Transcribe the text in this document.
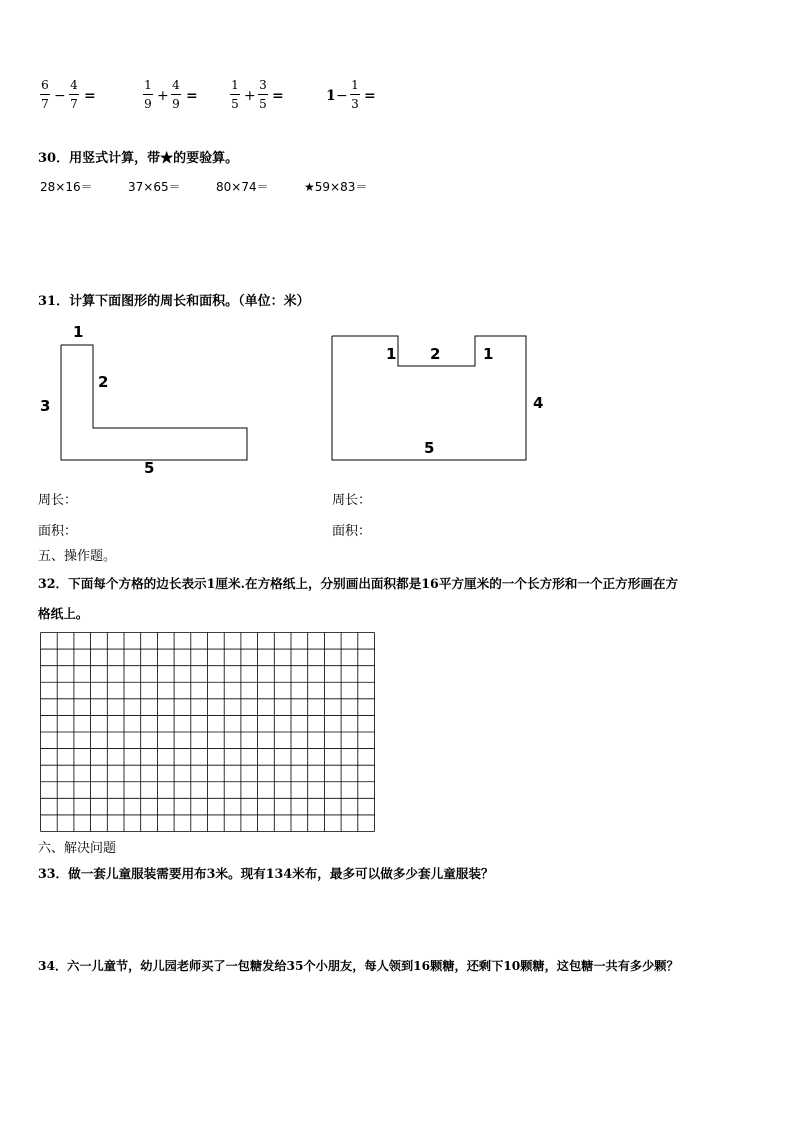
6
7 −
4
7 =
1
9 +
4
9 =
1
5 +
3
5 =	1 −
1
3 =
30．用竖式计算，带★的要验算。
28×16＝	37×65＝	80×74＝	★59×83＝
31．计算下面图形的周长和面积。（单位：米）
1
2
3
5
1 2	1
4
5
周长：	周长：
面积：	面积：
五、操作题。
32．下面每个方格的边长表示1厘米.在方格纸上，分别画出面积都是16平方厘米的一个长方形和一个正方形画在方
格纸上。
六、解决问题
33．做一套儿童服装需要用布3米。现有134米布，最多可以做多少套儿童服装？
34．六一儿童节，幼儿园老师买了一包糖发给35个小朋友，每人领到16颗糖，还剩下10颗糖，这包糖一共有多少颗？
